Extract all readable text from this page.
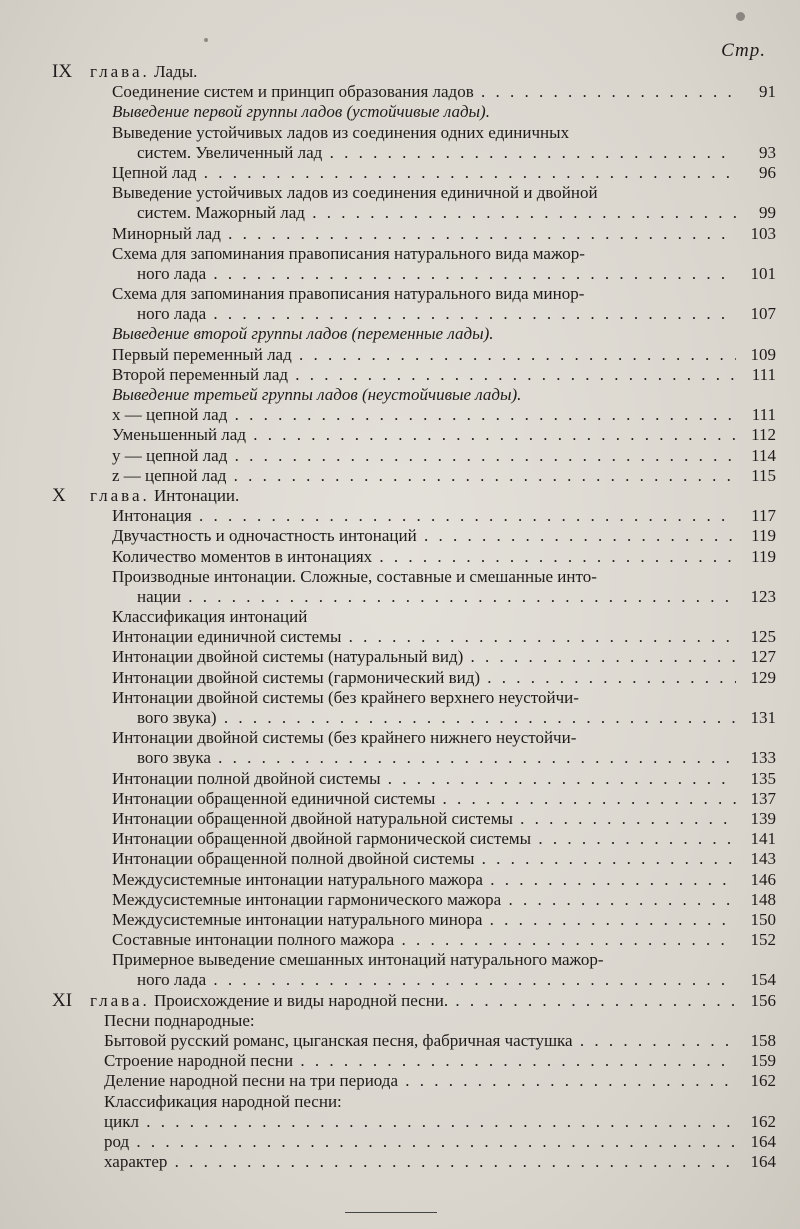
Стр.
IX глава. Лады.
Соединение систем и принцип образования ладов . . .	91
Выведение первой группы ладов (устойчивые лады).
Выведение устойчивых ладов из соединения одних единичных
систем. Увеличенный лад . . .	93
Цепной лад . . .	96
Выведение устойчивых ладов из соединения единичной и двойной
систем. Мажорный лад . . .	99
Минорный лад . . .	103
Схема для запоминания правописания натурального вида мажор-
ного лада . . .	101
Схема для запоминания правописания натурального вида минор-
ного лада . . .	107
Выведение второй группы ладов (переменные лады).
Первый переменный лад . . .	109
Второй переменный лад . . .	111
Выведение третьей группы ладов (неустойчивые лады).
x — цепной лад . . .	111
Уменьшенный лад . . .	112
y — цепной лад . . .	114
z — цепной лад . . .	115
X глава. Интонации.
Интонация . . .	117
Двучастность и одночастность интонаций . . .	119
Количество моментов в интонациях . . .	119
Производные интонации. Сложные, составные и смешанные инто-
нации . . .	123
Классификация интонаций
Интонации единичной системы . . .	125
Интонации двойной системы (натуральный вид) . . .	127
Интонации двойной системы (гармонический вид) . . .	129
Интонации двойной системы (без крайнего верхнего неустойчи-
вого звука) . . .	131
Интонации двойной системы (без крайнего нижнего неустойчи-
вого звука . . .	133
Интонации полной двойной системы . . .	135
Интонации обращенной единичной системы . . .	137
Интонации обращенной двойной натуральной системы . . .	139
Интонации обращенной двойной гармонической системы . . .	141
Интонации обращенной полной двойной системы . . .	143
Междусистемные интонации натурального мажора . . .	146
Междусистемные интонации гармонического мажора . . .	148
Междусистемные интонации натурального минора . . .	150
Составные интонации полного мажора . . .	152
Примерное выведение смешанных интонаций натурального мажор-
ного лада . . .	154
XI глава. Происхождение и виды народной песни. . . .	156
Песни поднародные:
Бытовой русский романс, цыганская песня, фабричная частушка . . .	158
Строение народной песни . . .	159
Деление народной песни на три периода . . .	162
Классификация народной песни:
цикл . . .	162
род . . .	164
характер . . .	164
